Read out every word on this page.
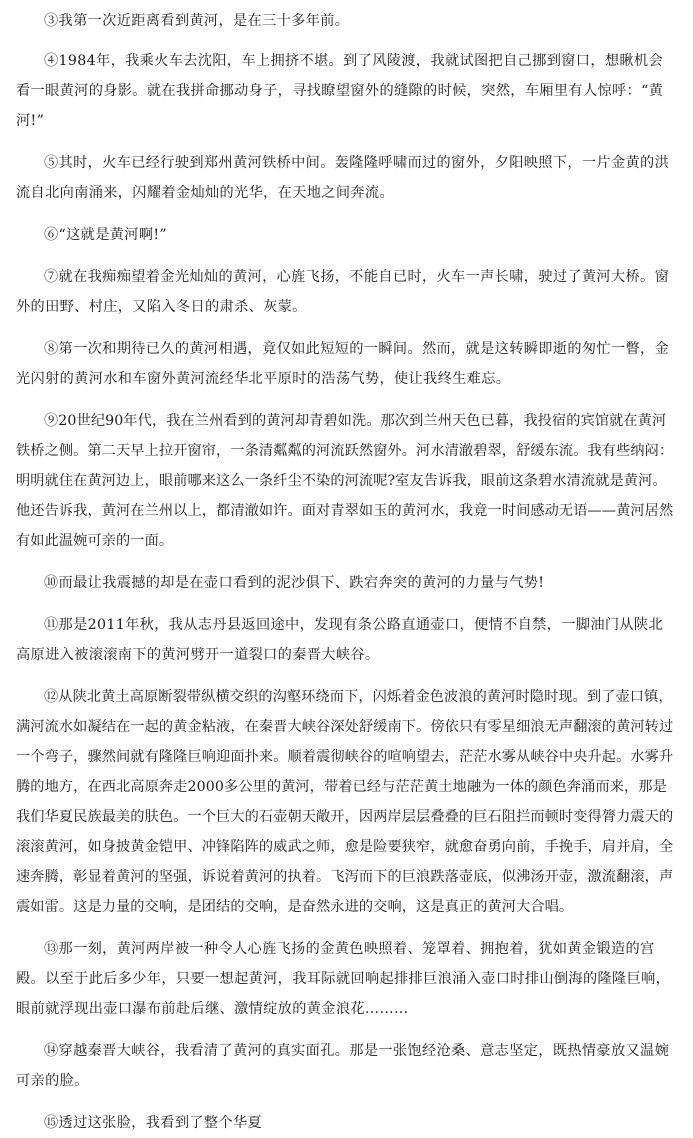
③我第一次近距离看到黄河，是在三十多年前。

④1984年，我乘火车去沈阳，车上拥挤不堪。到了风陵渡，我就试图把自己挪到窗口，想瞅机会看一眼黄河的身影。就在我拼命挪动身子，寻找瞭望窗外的缝隙的时候，突然，车厢里有人惊呼：“黄河!”

⑤其时，火车已经行驶到郑州黄河铁桥中间。轰隆隆呼啸而过的窗外，夕阳映照下，一片金黄的洪流自北向南涌来，闪耀着金灿灿的光华，在天地之间奔流。

⑥“这就是黄河啊!”

⑦就在我痴痴望着金光灿灿的黄河，心旌飞扬，不能自已时，火车一声长啸，驶过了黄河大桥。窗外的田野、村庄，又陷入冬日的肃杀、灰蒙。

⑧第一次和期待已久的黄河相遇，竟仅如此短短的一瞬间。然而，就是这转瞬即逝的匆忙一瞥，金光闪射的黄河水和车窗外黄河流经华北平原时的浩荡气势，使让我终生难忘。

⑨20世纪90年代，我在兰州看到的黄河却青碧如洗。那次到兰州天色已暮，我投宿的宾馆就在黄河铁桥之侧。第二天早上拉开窗帘，一条清粼粼的河流跃然窗外。河水清澈碧翠，舒缓东流。我有些纳闷：明明就住在黄河边上，眼前哪来这么一条纤尘不染的河流呢?室友告诉我，眼前这条碧水清流就是黄河。他还告诉我，黄河在兰州以上，都清澈如许。面对青翠如玉的黄河水，我竟一时间感动无语——黄河居然有如此温婉可亲的一面。

⑩而最让我震撼的却是在壶口看到的泥沙俱下、跌宕奔突的黄河的力量与气势!

⑪那是2011年秋，我从志丹县返回途中，发现有条公路直通壶口，便情不自禁，一脚油门从陕北高原进入被滚滚南下的黄河劈开一道裂口的秦晋大峡谷。

⑫从陕北黄土高原断裂带纵横交织的沟壑环绕而下，闪烁着金色波浪的黄河时隐时现。到了壶口镇，满河流水如凝结在一起的黄金粘液，在秦晋大峡谷深处舒缓南下。傍依只有零星细浪无声翻滚的黄河转过一个弯子，骤然间就有隆隆巨响迎面扑来。顺着震彻峡谷的喧响望去，茫茫水雾从峡谷中央升起。水雾升腾的地方，在西北高原奔走2000多公里的黄河，带着已经与茫茫黄土地融为一体的颜色奔涌而来，那是我们华夏民族最美的肤色。一个巨大的石壶朝天敞开，因两岸层层叠叠的巨石阻拦而顿时变得膂力震天的滚滚黄河，如身披黄金铠甲、冲锋陷阵的威武之师，愈是险要狭窄，就愈奋勇向前，手挽手，肩并肩，全速奔腾，彰显着黄河的坚强，诉说着黄河的执着。飞泻而下的巨浪跌落壶底，似沸汤开壶，激流翻滚，声震如雷。这是力量的交响，是团结的交响，是奋然永进的交响，这是真正的黄河大合唱。

⑬那一刻，黄河两岸被一种令人心旌飞扬的金黄色映照着、笼罩着、拥抱着，犹如黄金锻造的宫殿。以至于此后多少年，只要一想起黄河，我耳际就回响起排排巨浪涌入壶口时排山倒海的隆隆巨响，眼前就浮现出壶口瀑布前赴后继、激情绽放的黄金浪花………

⑭穿越秦晋大峡谷，我看清了黄河的真实面孔。那是一张饱经沧桑、意志坚定，既热情豪放又温婉可亲的脸。

⑮透过这张脸，我看到了整个华夏
